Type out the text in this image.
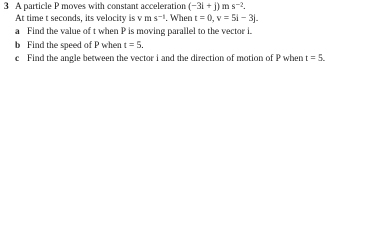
3 A particle P moves with constant acceleration (−3i + j) m s⁻².
At time t seconds, its velocity is v m s⁻¹. When t = 0, v = 5i − 3j.
a Find the value of t when P is moving parallel to the vector i.
b Find the speed of P when t = 5.
c Find the angle between the vector i and the direction of motion of P when t = 5.
